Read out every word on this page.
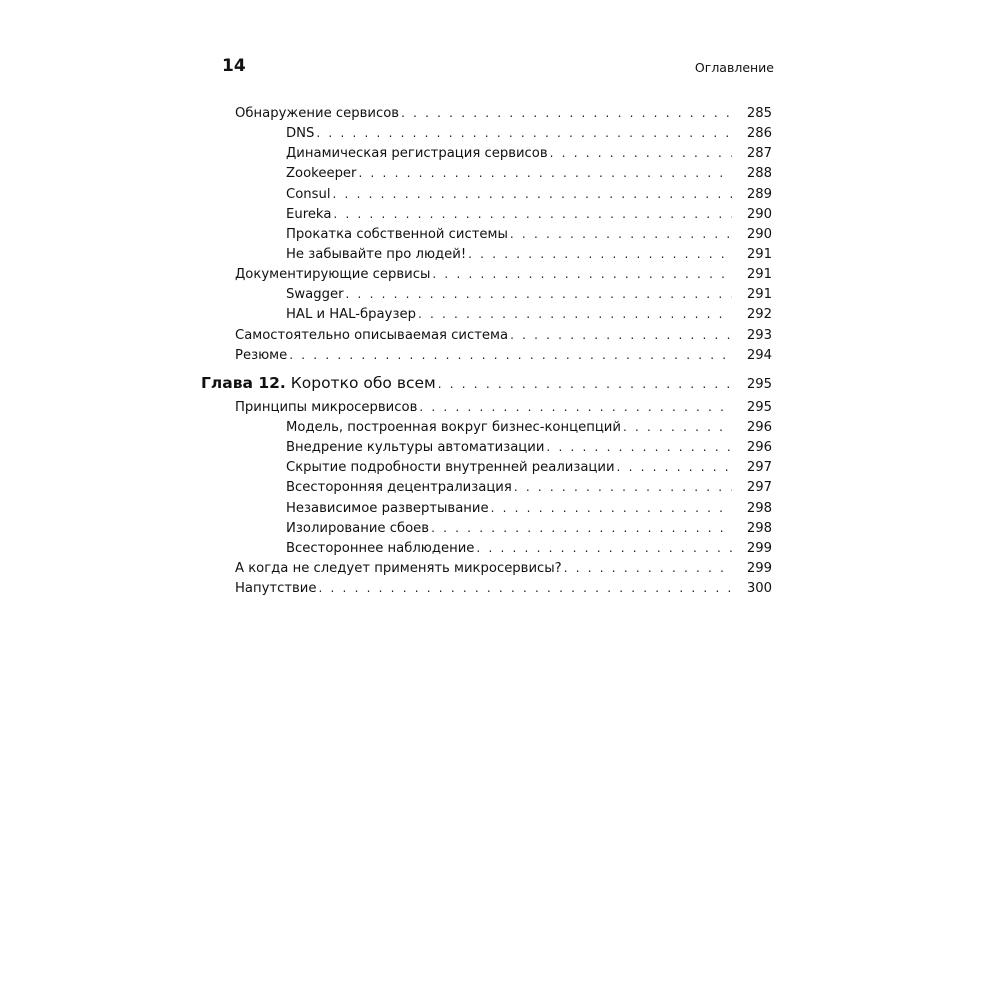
14	Оглавление
Обнаружение сервисов . . .	285
DNS . . .	286
Динамическая регистрация сервисов . . .	287
Zookeeper . . .	288
Consul . . .	289
Eureka . . .	290
Прокатка собственной системы . . .	290
Не забывайте про людей! . . .	291
Документирующие сервисы . . .	291
Swagger . . .	291
HAL и HAL-браузер . . .	292
Самостоятельно описываемая система . . .	293
Резюме . . .	294
Глава 12. Коротко обо всем . . .	295
Принципы микросервисов . . .	295
Модель, построенная вокруг бизнес-концепций . . .	296
Внедрение культуры автоматизации . . .	296
Скрытие подробности внутренней реализации . . .	297
Всесторонняя децентрализация . . .	297
Независимое развертывание . . .	298
Изолирование сбоев . . .	298
Всестороннее наблюдение . . .	299
А когда не следует применять микросервисы? . . .	299
Напутствие . . .	300
